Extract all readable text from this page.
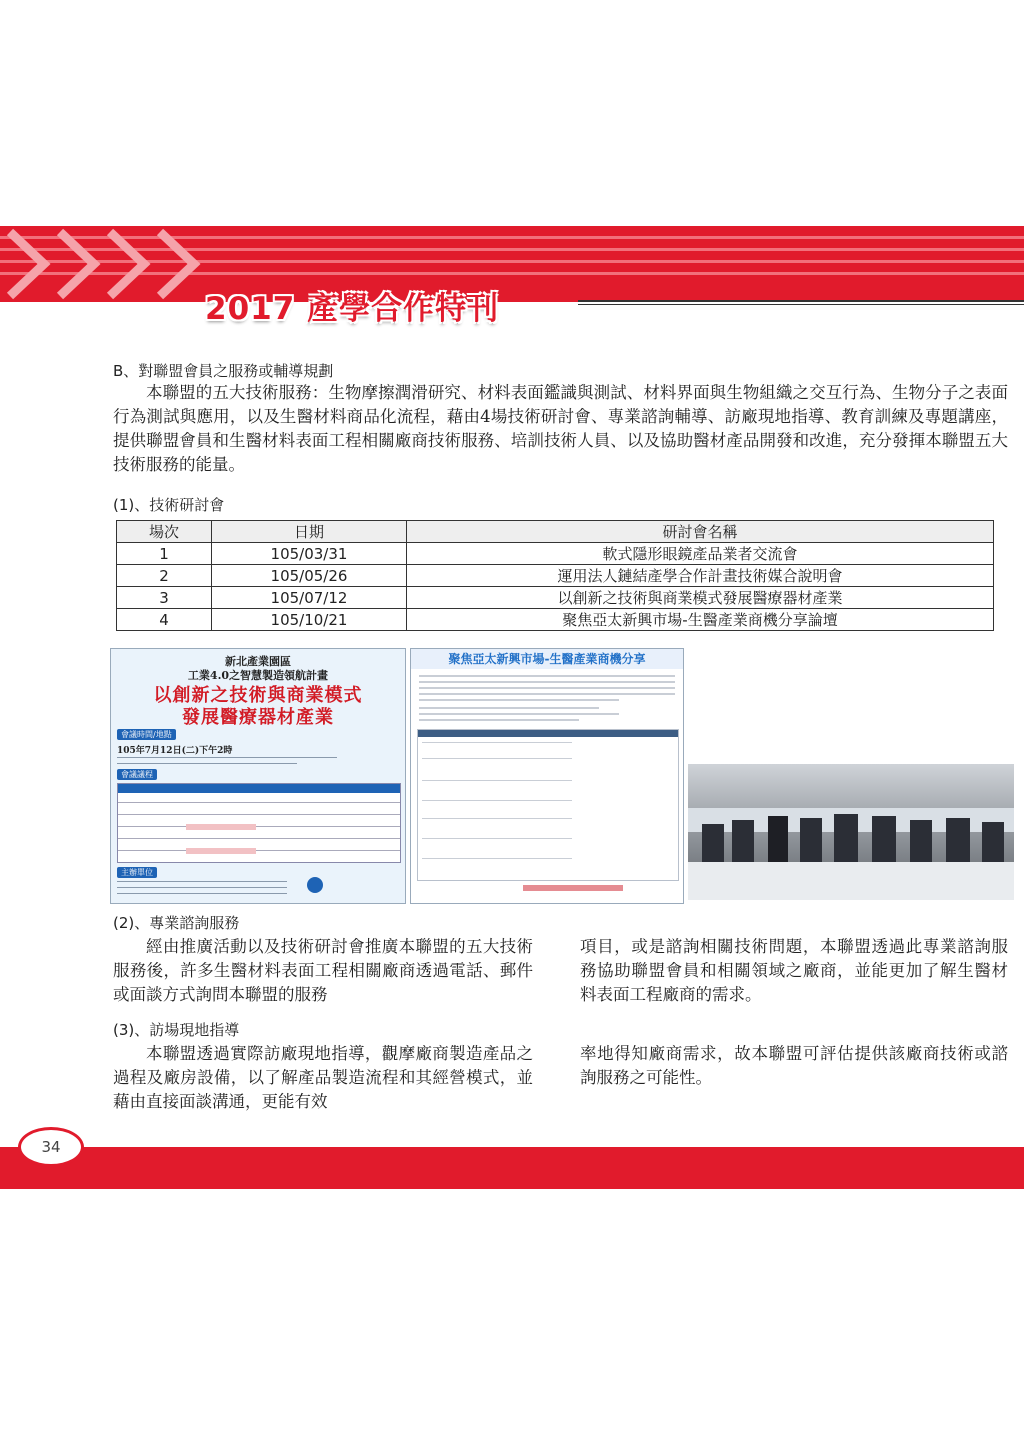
2017 產學合作特刊
B、對聯盟會員之服務或輔導規劃

本聯盟的五大技術服務：生物摩擦潤滑研究、材料表面鑑識與測試、材料界面與生物組織之交互行為、生物分子之表面行為測試與應用，以及生醫材料商品化流程，藉由4場技術研討會、專業諮詢輔導、訪廠現地指導、教育訓練及專題講座，提供聯盟會員和生醫材料表面工程相關廠商技術服務、培訓技術人員、以及協助醫材產品開發和改進，充分發揮本聯盟五大技術服務的能量。

(1)、技術研討會
場次	日期	研討會名稱
1	105/03/31	軟式隱形眼鏡產品業者交流會
2	105/05/26	運用法人鏈結產學合作計畫技術媒合說明會
3	105/07/12	以創新之技術與商業模式發展醫療器材產業
4	105/10/21	聚焦亞太新興市場-生醫產業商機分享論壇
新北產業園區
工業4.0之智慧製造領航計畫
以創新之技術與商業模式
發展醫療器材產業
會議時間/地點
105年7月12日(二)下午2時
會議議程
主辦單位
聚焦亞太新興市場-生醫產業商機分享
(2)、專業諮詢服務

經由推廣活動以及技術研討會推廣本聯盟的五大技術服務後，許多生醫材料表面工程相關廠商透過電話、郵件或面談方式詢問本聯盟的服務

項目，或是諮詢相關技術問題，本聯盟透過此專業諮詢服務協助聯盟會員和相關領域之廠商，並能更加了解生醫材料表面工程廠商的需求。

(3)、訪場現地指導

本聯盟透過實際訪廠現地指導，觀摩廠商製造產品之過程及廠房設備，以了解產品製造流程和其經營模式，並藉由直接面談溝通，更能有效

率地得知廠商需求，故本聯盟可評估提供該廠商技術或諮詢服務之可能性。

34
